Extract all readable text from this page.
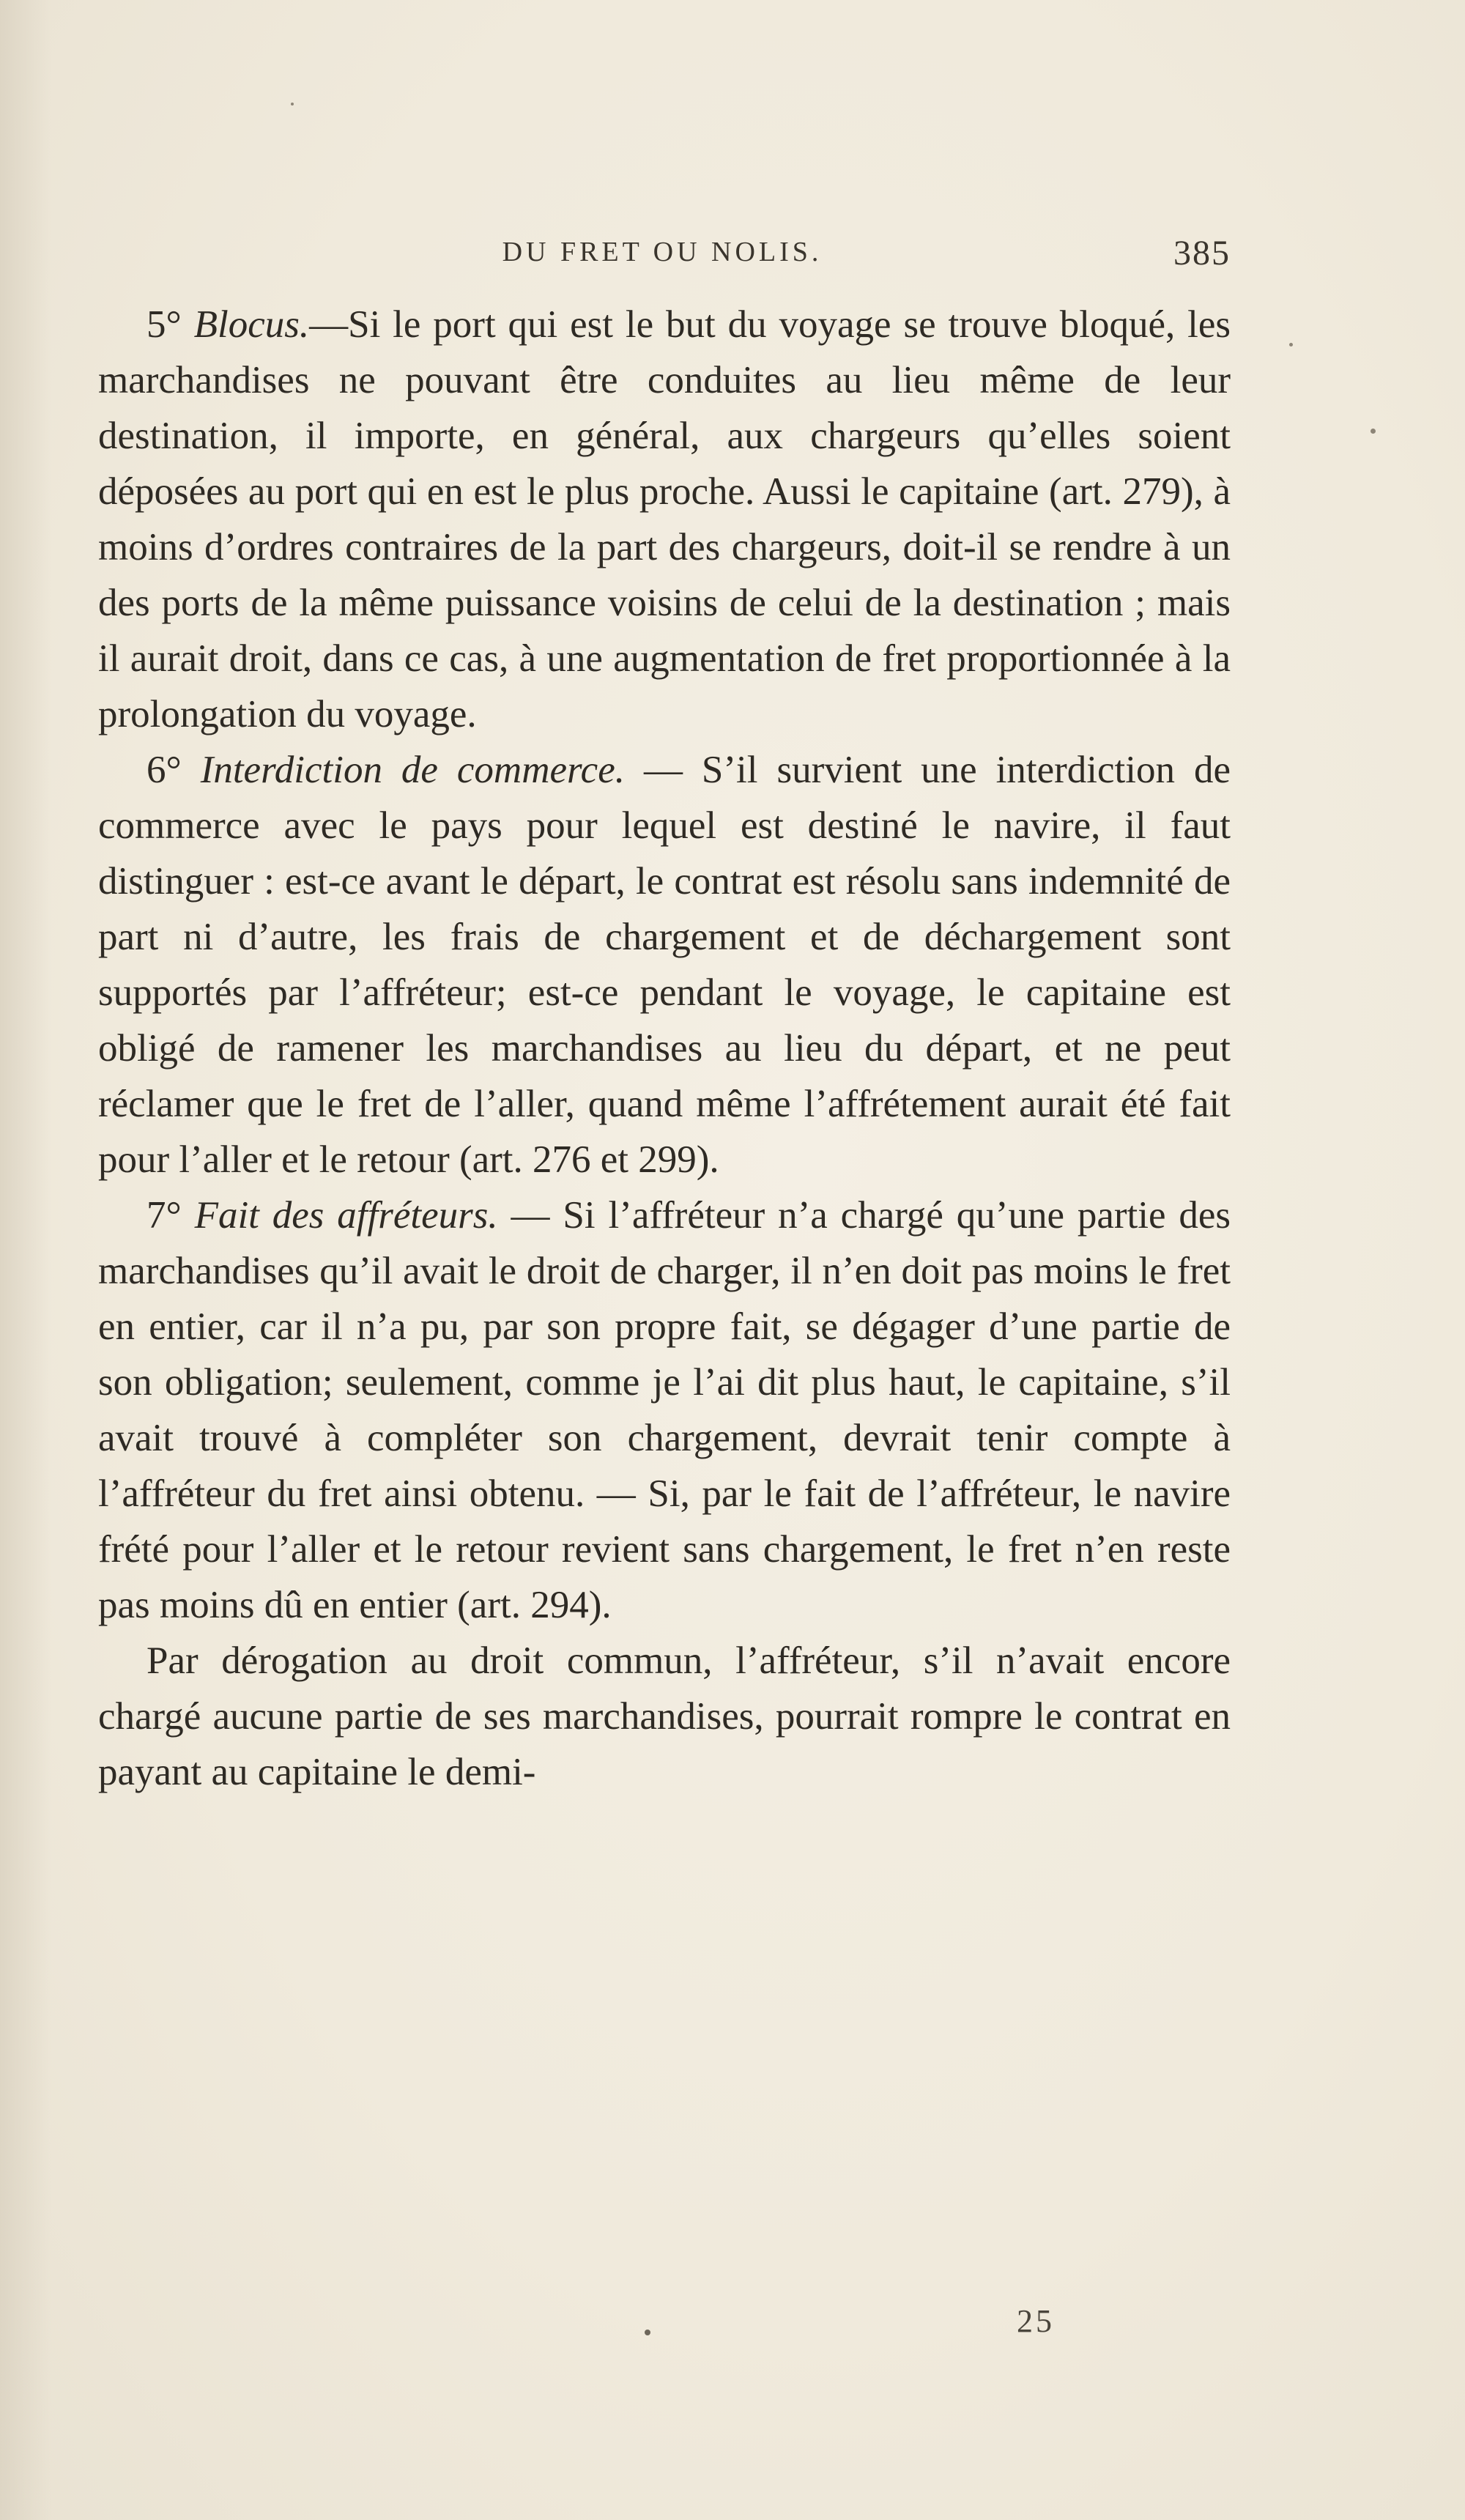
DU FRET OU NOLIS.	385

5° Blocus.—Si le port qui est le but du voyage se trouve bloqué, les marchandises ne pouvant être conduites au lieu même de leur destination, il importe, en général, aux chargeurs qu’elles soient déposées au port qui en est le plus proche. Aussi le capitaine (art. 279), à moins d’ordres contraires de la part des chargeurs, doit-il se rendre à un des ports de la même puissance voisins de celui de la destination ; mais il aurait droit, dans ce cas, à une augmentation de fret proportionnée à la prolongation du voyage.

6° Interdiction de commerce. — S’il survient une interdiction de commerce avec le pays pour lequel est destiné le navire, il faut distinguer : est-ce avant le départ, le contrat est résolu sans indemnité de part ni d’autre, les frais de chargement et de déchargement sont supportés par l’affréteur; est-ce pendant le voyage, le capitaine est obligé de ramener les marchandises au lieu du départ, et ne peut réclamer que le fret de l’aller, quand même l’affrétement aurait été fait pour l’aller et le retour (art. 276 et 299).

7° Fait des affréteurs. — Si l’affréteur n’a chargé qu’une partie des marchandises qu’il avait le droit de charger, il n’en doit pas moins le fret en entier, car il n’a pu, par son propre fait, se dégager d’une partie de son obligation; seulement, comme je l’ai dit plus haut, le capitaine, s’il avait trouvé à compléter son chargement, devrait tenir compte à l’affréteur du fret ainsi obtenu. — Si, par le fait de l’affréteur, le navire frété pour l’aller et le retour revient sans chargement, le fret n’en reste pas moins dû en entier (art. 294).

Par dérogation au droit commun, l’affréteur, s’il n’avait encore chargé aucune partie de ses marchandises, pourrait rompre le contrat en payant au capitaine le demi-

25
